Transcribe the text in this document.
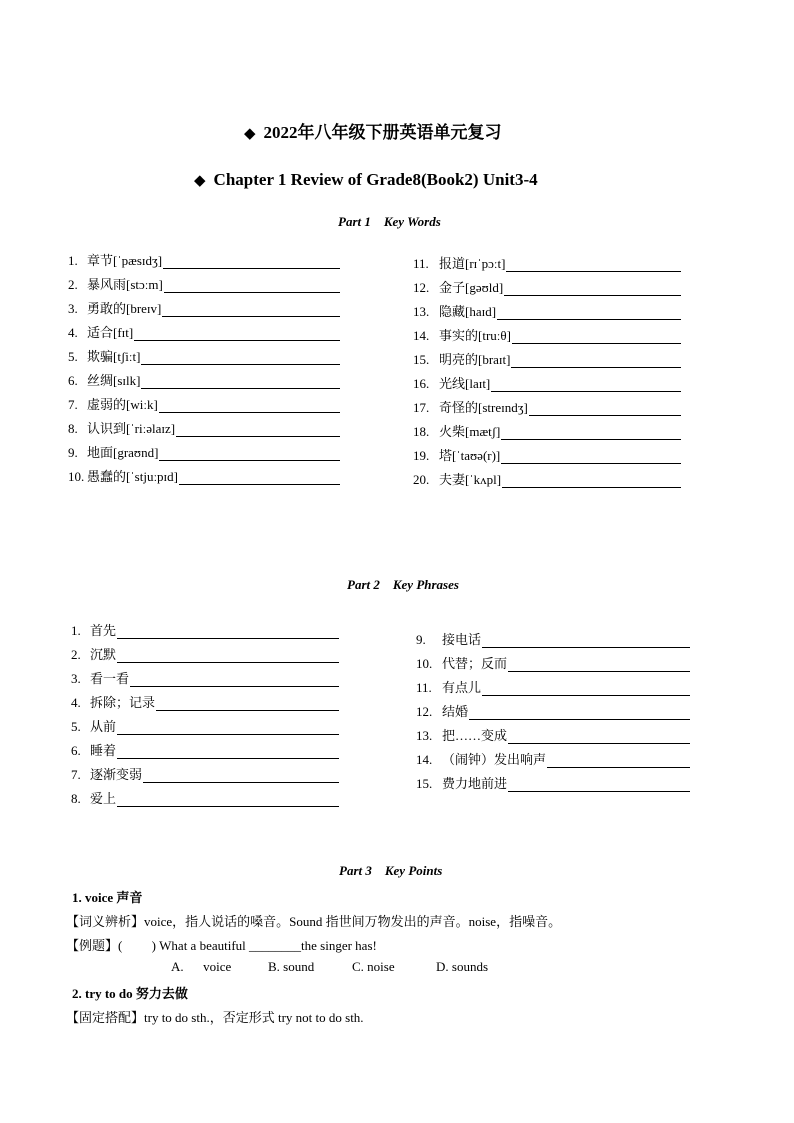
◆ 2022年八年级下册英语单元复习
◆ Chapter 1 Review of Grade8(Book2) Unit3-4
Part 1    Key Words
1. 章节[ˈpæsɪdʒ]
2. 暴风雨[stɔːm]
3. 勇敢的[breɪv]
4. 适合[fɪt]
5. 欺骗[tʃiːt]
6. 丝绸[sɪlk]
7. 虚弱的[wiːk]
8. 认识到[ˈriːəlaɪz]
9. 地面[graʊnd]
10. 愚蠢的[ˈstjuːpɪd]
11. 报道[rɪˈpɔːt]
12. 金子[gəʊld]
13. 隐藏[haɪd]
14. 事实的[truːθ]
15. 明亮的[braɪt]
16. 光线[laɪt]
17. 奇怪的[streɪndʒ]
18. 火柴[mætʃ]
19. 塔[ˈtaʊə(r)]
20. 夫妻[ˈkʌpl]
Part 2    Key Phrases
1. 首先
2. 沉默
3. 看一看
4. 拆除；记录
5. 从前
6. 睡着
7. 逐渐变弱
8. 爱上
9.	接电话
10. 代替；反而
11. 有点儿
12. 结婚
13. 把……变成
14. （闹钟）发出响声
15. 费力地前进
Part 3    Key Points
1. voice 声音
【词义辨析】voice，指人说话的嗓音。Sound 指世间万物发出的声音。noise，指噪音。
【例题】(         ) What a beautiful ________the singer has!
A.      voice	B. sound	C. noise	D. sounds
2. try to do 努力去做
【固定搭配】try to do sth.，否定形式 try not to do sth.
